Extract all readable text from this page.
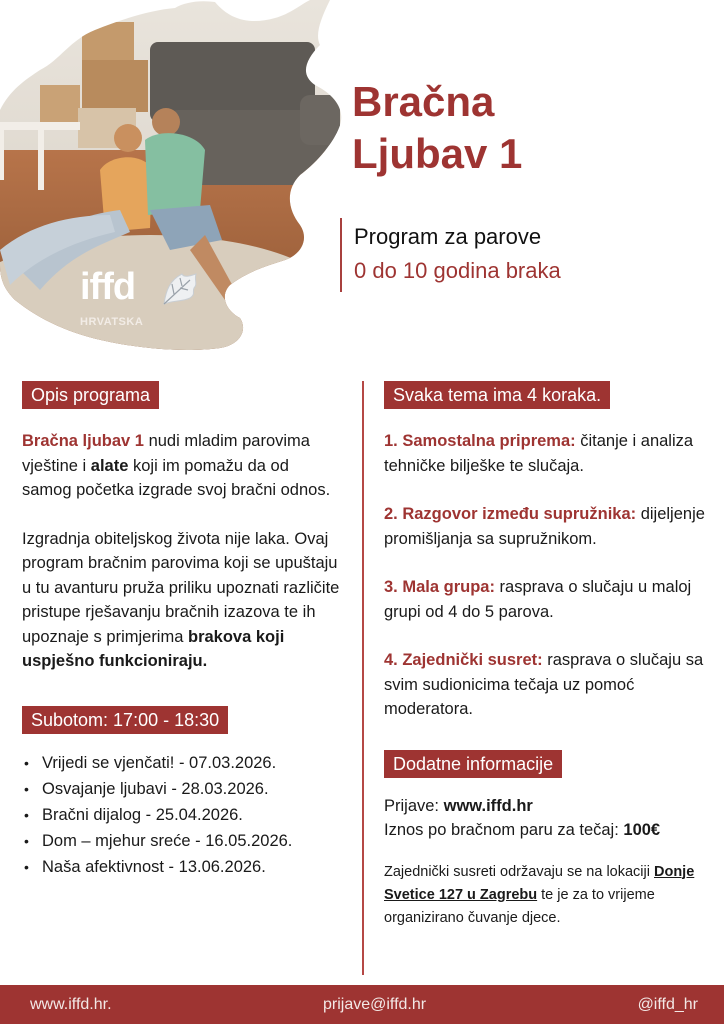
iffd
HRVATSKA
Bračna
Ljubav 1
Program za parove
0 do 10 godina braka
Opis programa

Bračna ljubav 1 nudi mladim parovima vještine i alate koji im pomažu da od samog početka izgrade svoj bračni odnos.

Izgradnja obiteljskog života nije laka. Ovaj program bračnim parovima koji se upuštaju u tu avanturu pruža priliku upoznati različite pristupe rješavanju bračnih izazova te ih upoznaje s primjerima brakova koji uspješno funkcioniraju.

Subotom: 17:00 - 18:30
• Vrijedi se vjenčati! - 07.03.2026.
• Osvajanje ljubavi - 28.03.2026.
• Bračni dijalog - 25.04.2026.
• Dom – mjehur sreće - 16.05.2026.
• Naša afektivnost - 13.06.2026.
Svaka tema ima 4 koraka.

1. Samostalna priprema: čitanje i analiza tehničke bilješke te slučaja.

2. Razgovor između supružnika: dijeljenje promišljanja sa supružnikom.

3. Mala grupa: rasprava o slučaju u maloj grupi od 4 do 5 parova.

4. Zajednički susret: rasprava o slučaju sa svim sudionicima tečaja uz pomoć moderatora.

Dodatne informacije

Prijave: www.iffd.hr

Iznos po bračnom paru za tečaj: 100€

Zajednički susreti održavaju se na lokaciji Donje Svetice 127 u Zagrebu te je za to vrijeme organizirano čuvanje djece.

www.iffd.hr.	prijave@iffd.hr	@iffd_hr
